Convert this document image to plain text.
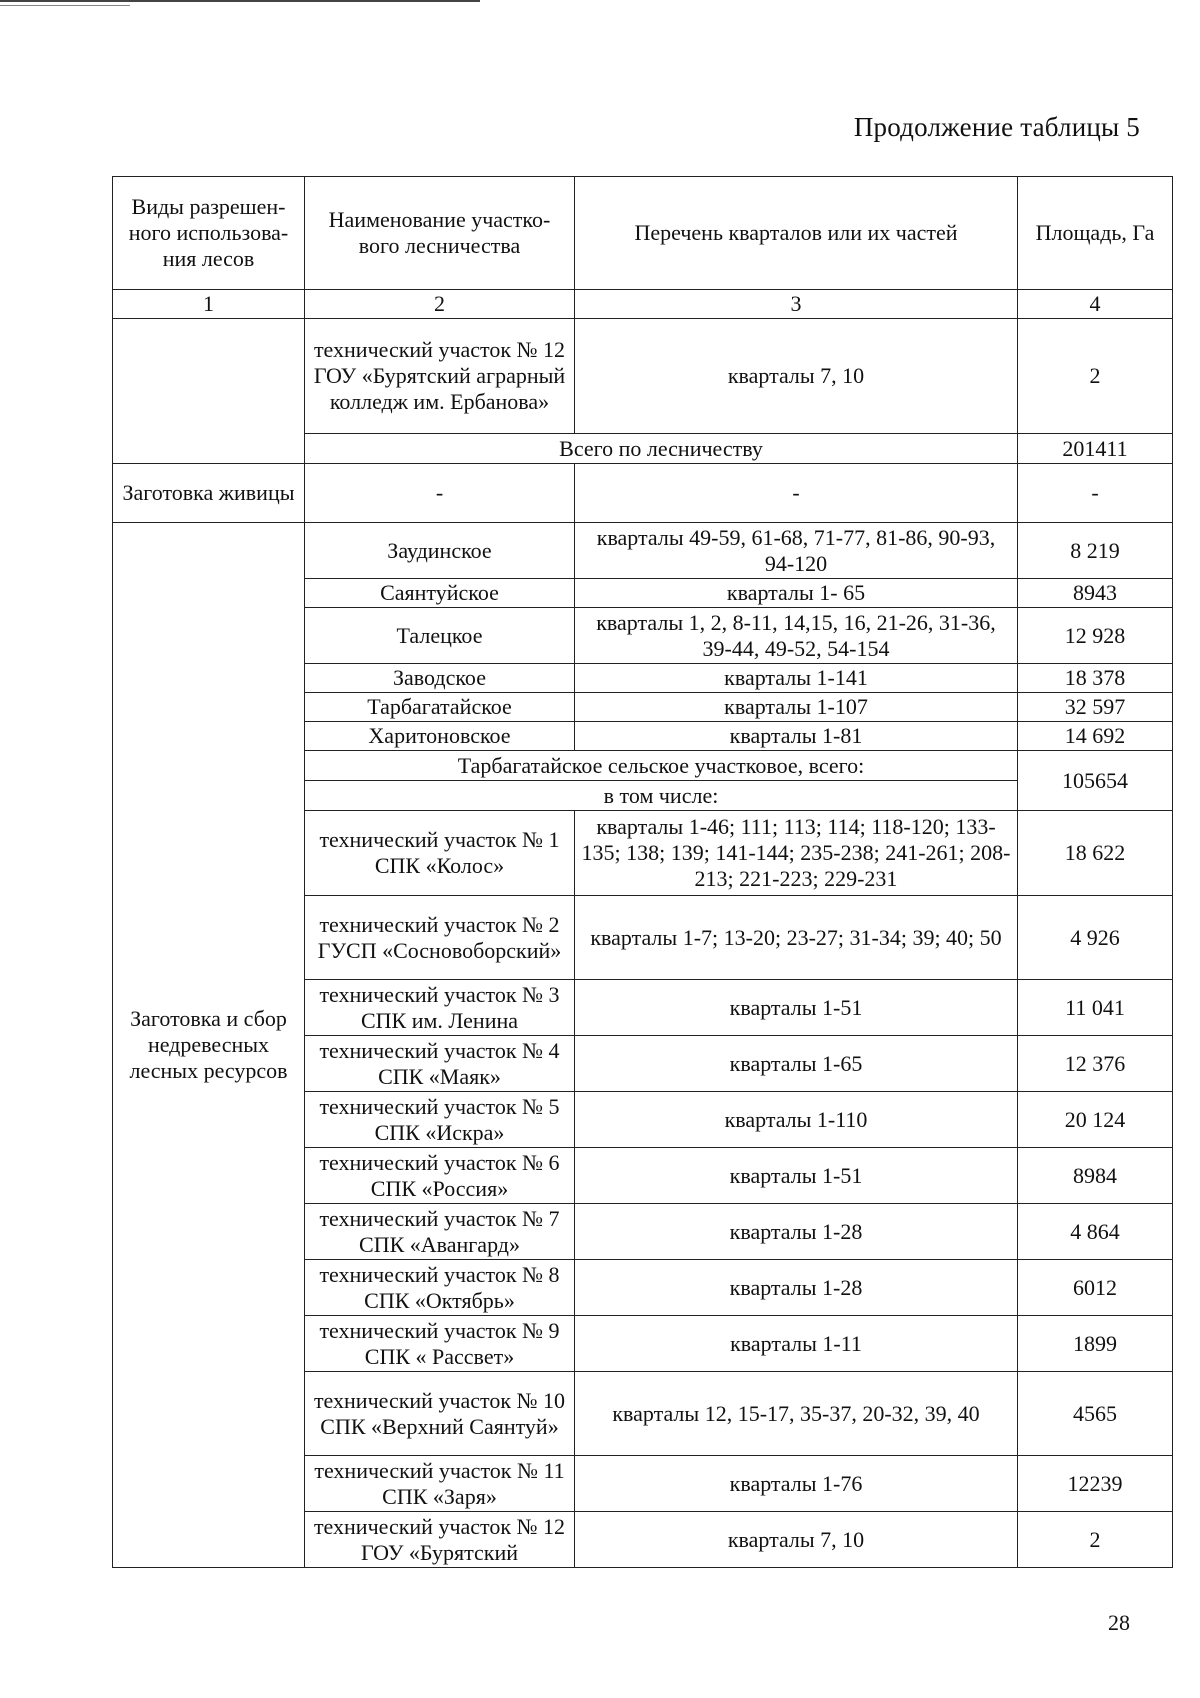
Продолжение таблицы 5
Виды разрешен-ного использова-ния лесов	Наименование участко-вого лесничества	Перечень кварталов или их частей	Площадь, Га
1	2	3	4
	технический участок № 12 ГОУ «Бурятский аграрный колледж им. Ербанова»	кварталы 7, 10	2
	Всего по лесничеству		201411
Заготовка живицы	-	-	-
Заготовка и сбор недревесных лесных ресурсов	Заудинское	кварталы 49-59, 61-68, 71-77, 81-86, 90-93, 94-120	8 219
	Саянтуйское	кварталы 1- 65	8943
	Талецкое	кварталы 1, 2, 8-11, 14,15, 16, 21-26, 31-36, 39-44, 49-52, 54-154	12 928
	Заводское	кварталы 1-141	18 378
	Тарбагатайское	кварталы 1-107	32 597
	Харитоновское	кварталы 1-81	14 692
	Тарбагатайское сельское участковое, всего:		105654
	в том числе:		
	технический участок № 1 СПК «Колос»	кварталы 1-46; 111; 113; 114; 118-120; 133-135; 138; 139; 141-144; 235-238; 241-261; 208-213; 221-223; 229-231	18 622
	технический участок № 2 ГУСП «Сосновоборский»	кварталы 1-7; 13-20; 23-27; 31-34; 39; 40; 50	4 926
	технический участок № 3 СПК им. Ленина	кварталы 1-51	11 041
	технический участок № 4 СПК «Маяк»	кварталы 1-65	12 376
	технический участок № 5 СПК «Искра»	кварталы 1-110	20 124
	технический участок № 6 СПК «Россия»	кварталы 1-51	8984
	технический участок № 7 СПК «Авангард»	кварталы 1-28	4 864
	технический участок № 8 СПК «Октябрь»	кварталы 1-28	6012
	технический участок № 9 СПК « Рассвет»	кварталы 1-11	1899
	технический участок № 10 СПК «Верхний Саянтуй»	кварталы 12, 15-17, 35-37, 20-32, 39, 40	4565
	технический участок № 11 СПК «Заря»	кварталы 1-76	12239
	технический участок № 12 ГОУ «Бурятский	кварталы 7, 10	2
28
